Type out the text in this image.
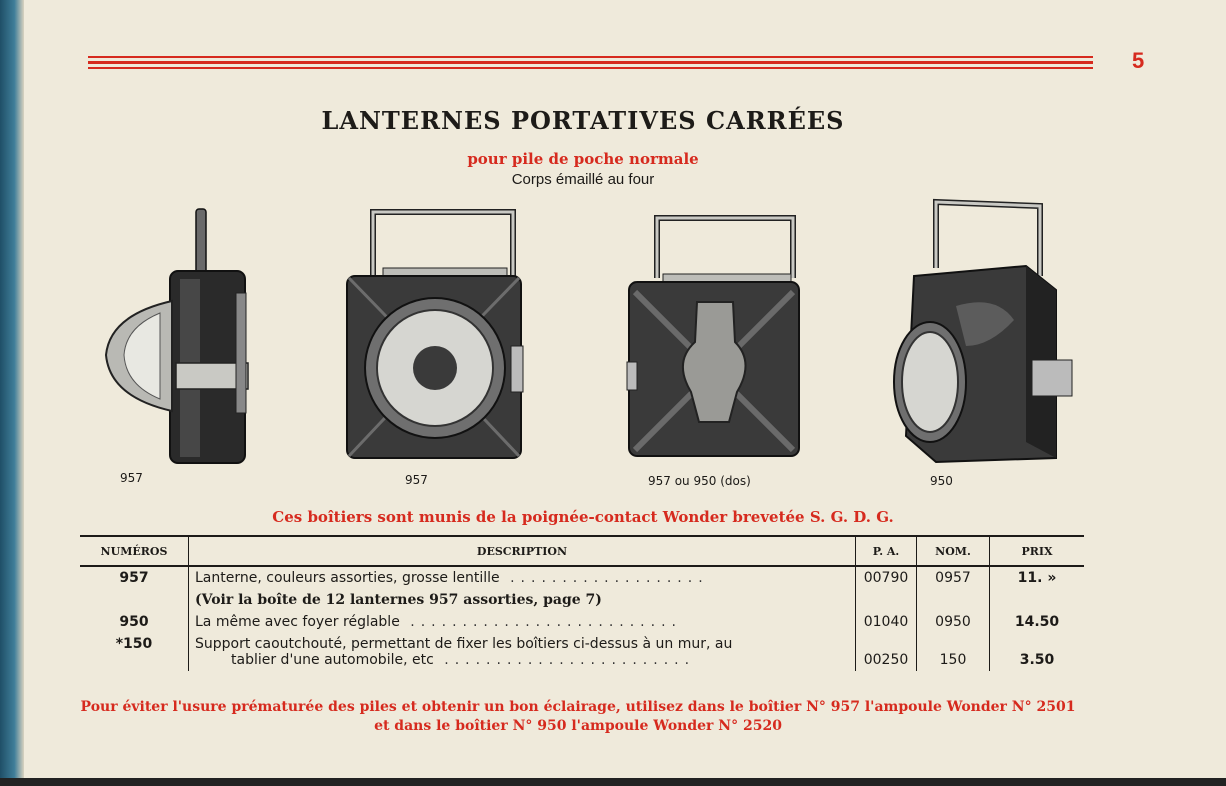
5
LANTERNES PORTATIVES CARRÉES
pour pile de poche normale
Corps émaillé au four
957	957	957 ou 950 (dos)	950
Ces boîtiers sont munis de la poignée-contact Wonder brevetée S. G. D. G.
NUMÉROS	DESCRIPTION	P. A.	NOM.	PRIX
957	Lanterne, couleurs assorties, grosse lentille ...................	00790	0957	11. »
	(Voir la boîte de 12 lanternes 957 assorties, page 7)			
950	La même avec foyer réglable ..........................	01040	0950	14.50
*150	Support caoutchouté, permettant de fixer les boîtiers ci-dessus à un mur, au
tablier d'une automobile, etc ........................	00250	150	3.50
Pour éviter l'usure prématurée des piles et obtenir un bon éclairage, utilisez dans le boîtier N° 957 l'ampoule Wonder N° 2501
et dans le boîtier N° 950 l'ampoule Wonder N° 2520
